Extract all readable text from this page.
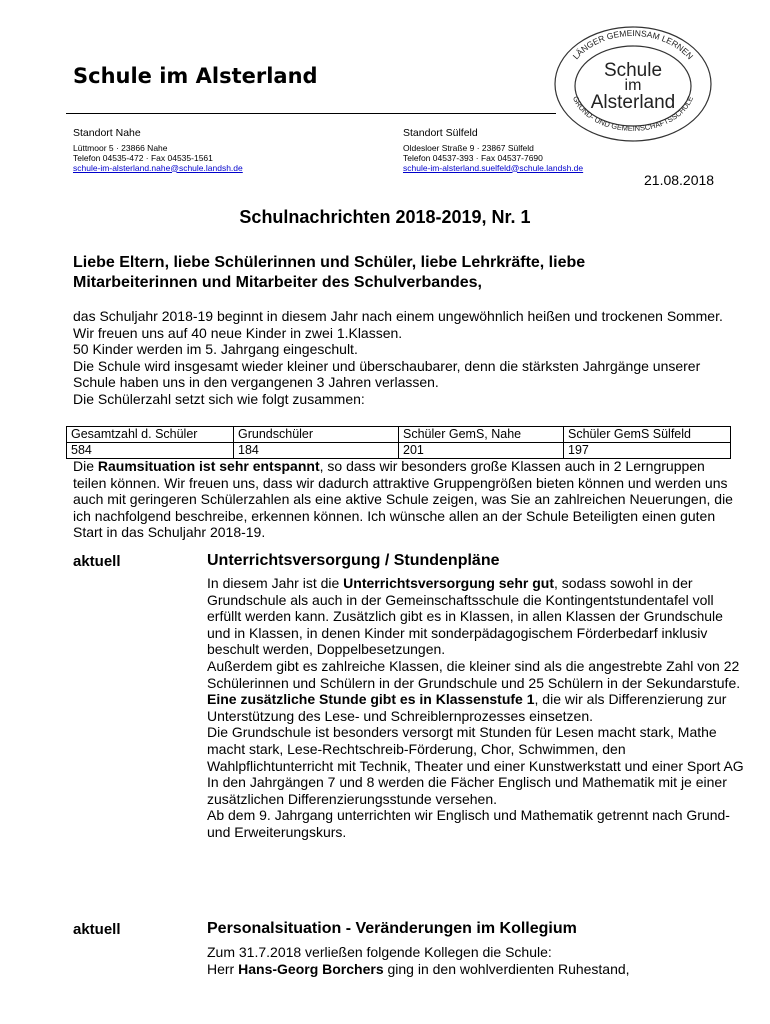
Schule im Alsterland
LÄNGER GEMEINSAM LERNEN
GRUND- UND GEMEINSCHAFTSSCHULE
Schule
im
Alsterland
Standort Nahe
Lüttmoor 5 · 23866 Nahe
Telefon 04535-472 · Fax 04535-1561
schule-im-alsterland.nahe@schule.landsh.de
Standort Sülfeld
Oldesloer Straße 9 · 23867 Sülfeld
Telefon 04537-393 · Fax 04537-7690
schule-im-alsterland.suelfeld@schule.landsh.de
21.08.2018
Schulnachrichten 2018-2019, Nr. 1
Liebe Eltern, liebe Schülerinnen und Schüler, liebe Lehrkräfte, liebe Mitarbeiterinnen und Mitarbeiter des Schulverbandes,

das Schuljahr 2018-19 beginnt in diesem Jahr nach einem ungewöhnlich heißen und trockenen Sommer.

Wir freuen uns auf 40 neue Kinder in zwei 1.Klassen.

50 Kinder werden im 5. Jahrgang eingeschult.

Die Schule wird insgesamt wieder kleiner und überschaubarer, denn die stärksten Jahrgänge unserer Schule haben uns in den vergangenen 3 Jahren verlassen.

Die Schülerzahl setzt sich wie folgt zusammen:

Gesamtzahl d. Schüler	Grundschüler	Schüler GemS, Nahe	Schüler GemS Sülfeld
584	184	201	197

Die Raumsituation ist sehr entspannt, so dass wir besonders große Klassen auch in 2 Lerngruppen teilen können. Wir freuen uns, dass wir dadurch attraktive Gruppengrößen bieten können und werden uns auch mit geringeren Schülerzahlen als eine aktive Schule zeigen, was Sie an zahlreichen Neuerungen, die ich nachfolgend beschreibe, erkennen können. Ich wünsche allen an der Schule Beteiligten einen guten Start in das Schuljahr 2018-19.

aktuell	Unterrichtsversorgung / Stundenpläne

In diesem Jahr ist die Unterrichtsversorgung sehr gut, sodass sowohl in der Grundschule als auch in der Gemeinschaftsschule die Kontingentstundentafel voll erfüllt werden kann. Zusätzlich gibt es in Klassen, in allen Klassen der Grundschule und in Klassen, in denen Kinder mit sonderpädagogischem Förderbedarf inklusiv beschult werden, Doppelbesetzungen.

Außerdem gibt es zahlreiche Klassen, die kleiner sind als die angestrebte Zahl von 22 Schülerinnen und Schülern in der Grundschule und 25 Schülern in der Sekundarstufe.

Eine zusätzliche Stunde gibt es in Klassenstufe 1, die wir als Differenzierung zur Unterstützung des Lese- und Schreiblernprozesses einsetzen.

Die Grundschule ist besonders versorgt mit Stunden für Lesen macht stark, Mathe macht stark, Lese-Rechtschreib-Förderung, Chor, Schwimmen, den Wahlpflichtunterricht mit Technik, Theater und einer Kunstwerkstatt und einer Sport AG

In den Jahrgängen 7 und 8 werden die Fächer Englisch und Mathematik mit je einer zusätzlichen Differenzierungsstunde versehen.

Ab dem 9. Jahrgang unterrichten wir Englisch und Mathematik getrennt nach Grund- und Erweiterungskurs.

aktuell	Personalsituation - Veränderungen im Kollegium

Zum 31.7.2018 verließen folgende Kollegen die Schule:

Herr Hans-Georg Borchers ging in den wohlverdienten Ruhestand,
